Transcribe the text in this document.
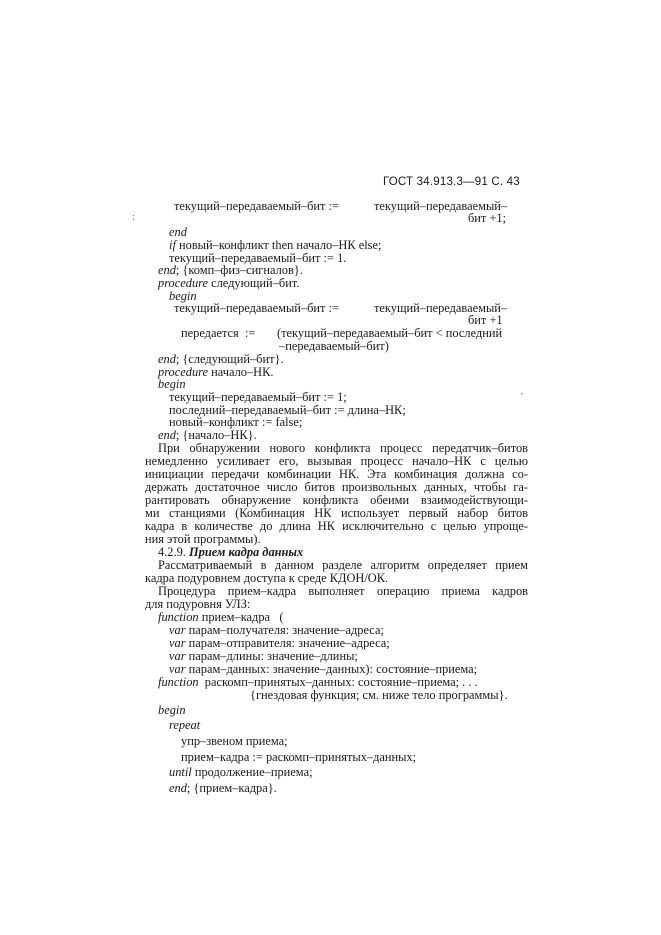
ГОСТ 34.913.3—91 С. 43
текущий–передаваемый–бит :=	текущий–передаваемый–
:	бит +1;
end
if новый–конфликт then начало–НК else;
текущий–передаваемый–бит := 1.
end; {комп–физ–сигналов}.
procedure следующий–бит.
begin
текущий–передаваемый–бит :=	текущий–передаваемый–
бит +1
передается  := (текущий–передаваемый–бит < последний
–передаваемый–бит)
end; {следующий–бит}.
procedure начало–НК.
begin
текущий–передаваемый–бит := 1;	'
последний–передаваемый–бит := длина–НК;
новый–конфликт := false;
end; {начало–НК}.
При обнаружении нового конфликта процесс передатчик–битов
немедленно усиливает его, вызывая процесс начало–НК с целью
инициации передачи комбинации НК. Эта комбинация должна со-
держать достаточное число битов произвольных данных, чтобы га-
рантировать обнаружение конфликта обеими взаимодействующи-
ми станциями (Комбинация НК использует первый набор битов
кадра в количестве до длина НК исключительно с целью упроще-
ния этой программы).
4.2.9. Прием кадра данных
Рассматриваемый в данном разделе алгоритм определяет прием
кадра подуровнем доступа к среде КДОН/ОК.
Процедура прием–кадра выполняет операцию приема кадров
для подуровня УЛЗ:
function прием–кадра   (
var парам–получателя: значение–адреса;
var парам–отправителя: значение–адреса;
var парам–длины: значение–длины;
var парам–данных: значение–данных): состояние–приема;
function  раскомп–принятых–данных: состояние–приема; . . .
{гнездовая функция; см. ниже тело программы}.
begin
repeat
упр–звеном приема;
прием–кадра := раскомп–принятых–данных;
until продолжение–приема;
end; {прием–кадра}.
